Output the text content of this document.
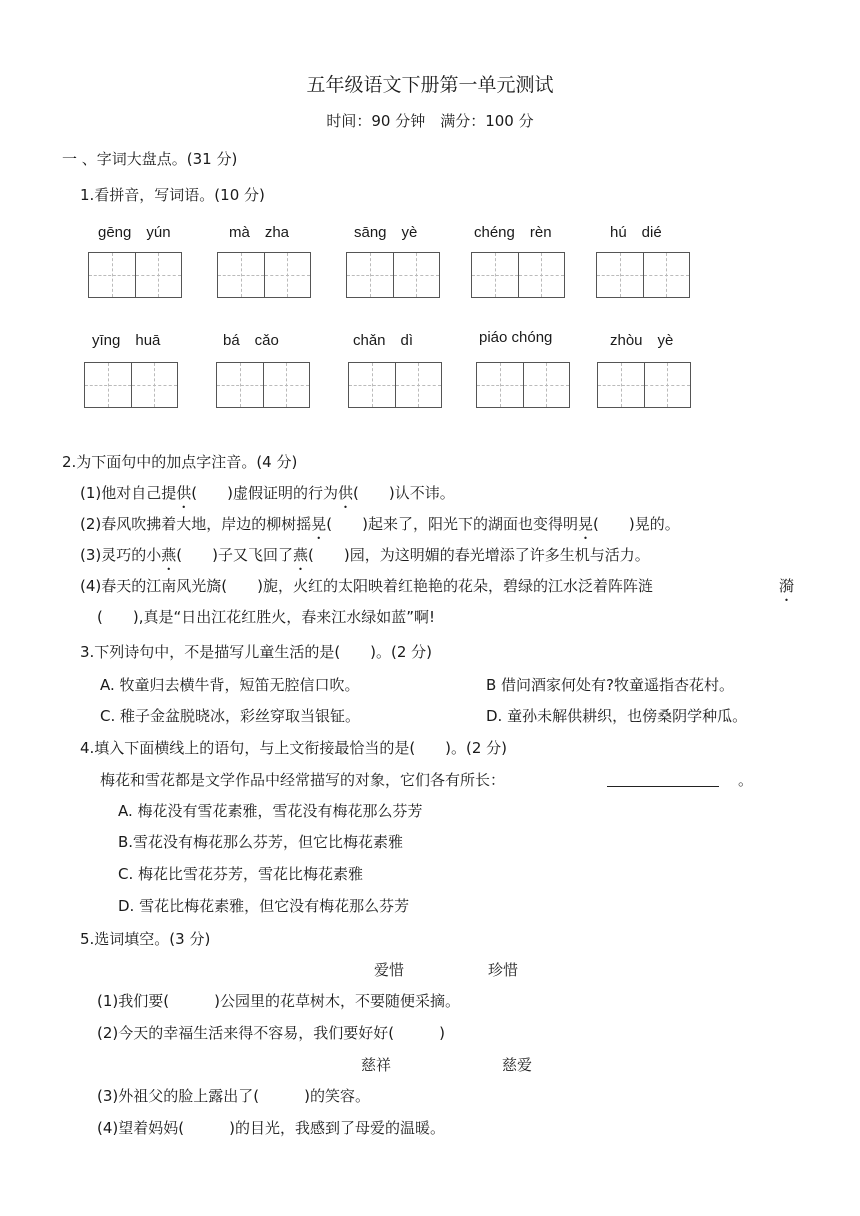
五年级语文下册第一单元测试
时间：90 分钟　满分：100 分
一 、字词大盘点。(31 分)
1.看拼音，写词语。(10 分)
gēng　yún	mà　zha	sāng　yè	chéng　rèn	hú　dié
yīng　huā	bá　cǎo	chǎn　dì	piáo chóng	zhòu　yè
2.为下面句中的加点字注音。(4 分)
(1)他对自己提供(　　)虚假证明的行为供(　　)认不讳。
(2)春风吹拂着大地，岸边的柳树摇晃(　　)起来了，阳光下的湖面也变得明晃(　　)晃的。
(3)灵巧的小燕(　　)子又飞回了燕(　　)园，为这明媚的春光增添了许多生机与活力。
(4)春天的江南风光旖(　　)旎，火红的太阳映着红艳艳的花朵，碧绿的江水泛着阵阵涟	漪
(　　),真是“日出江花红胜火，春来江水绿如蓝”啊!
3.下列诗句中，不是描写儿童生活的是(　　)。(2 分)
A. 牧童归去横牛背，短笛无腔信口吹。	B 借问酒家何处有?牧童遥指杏花村。
C. 稚子金盆脱晓冰，彩丝穿取当银钲。	D. 童孙未解供耕织，也傍桑阴学种瓜。
4.填入下面横线上的语句，与上文衔接最恰当的是(　　)。(2 分)
梅花和雪花都是文学作品中经常描写的对象，它们各有所长：	。
A. 梅花没有雪花素雅，雪花没有梅花那么芬芳
B.雪花没有梅花那么芬芳，但它比梅花素雅
C. 梅花比雪花芬芳，雪花比梅花素雅
D. 雪花比梅花素雅，但它没有梅花那么芬芳
5.选词填空。(3 分)
爱惜	珍惜
(1)我们要(　　　)公园里的花草树木，不要随便采摘。
(2)今天的幸福生活来得不容易，我们要好好(　　　)
慈祥	慈爱
(3)外祖父的脸上露出了(　　　)的笑容。
(4)望着妈妈(　　　)的目光，我感到了母爱的温暖。
